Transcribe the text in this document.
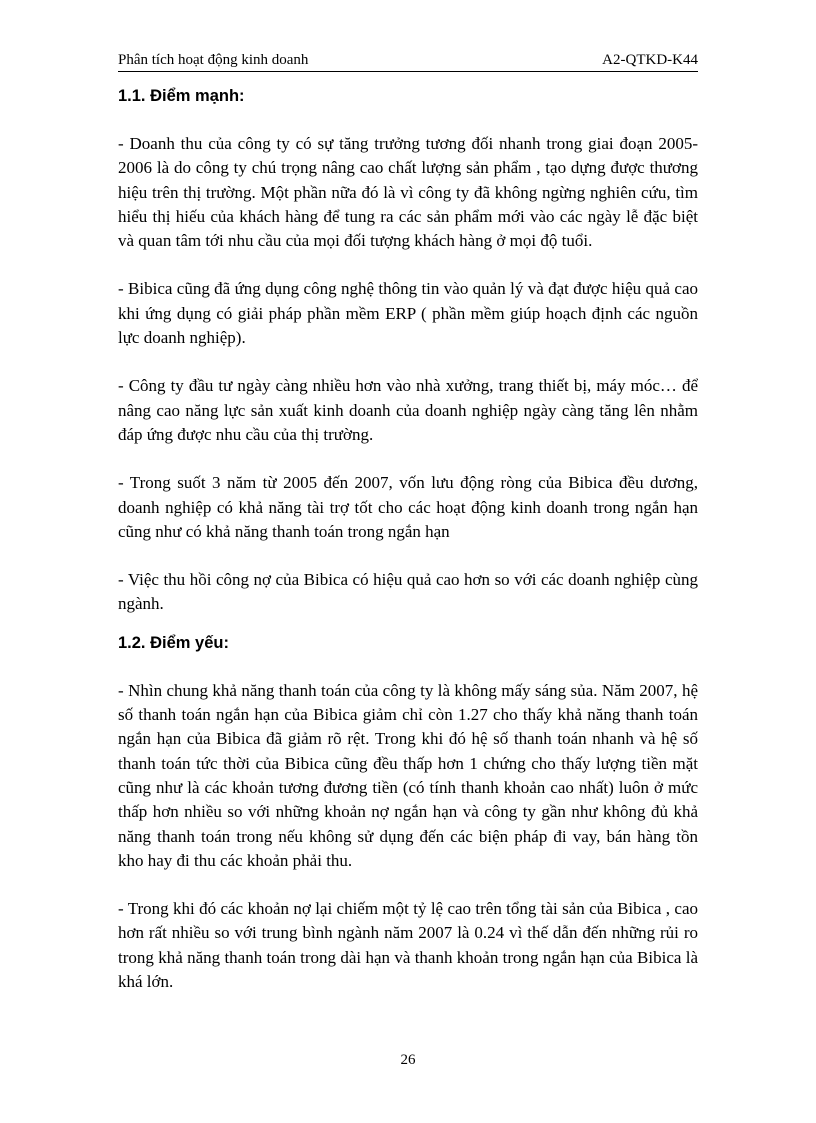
Phân tích hoạt động kinh doanh	A2-QTKD-K44
1.1. Điểm mạnh:

- Doanh thu của công ty có sự tăng trưởng tương đối nhanh trong giai đoạn 2005-2006 là do công ty chú trọng nâng cao chất lượng sản phẩm , tạo dựng được thương hiệu trên thị trường. Một phần nữa đó là vì công ty đã không ngừng nghiên cứu, tìm hiểu thị hiếu của khách hàng để tung ra các sản phẩm mới vào các ngày lễ đặc biệt và quan tâm tới nhu cầu của mọi đối tượng khách hàng ở mọi độ tuổi.

- Bibica cũng đã ứng dụng công nghệ thông tin vào quản lý và đạt được hiệu quả cao khi ứng dụng có giải pháp phần mềm ERP ( phần mềm giúp hoạch định các nguồn lực doanh nghiệp).

- Công ty đầu tư ngày càng nhiều hơn vào nhà xưởng, trang thiết bị, máy móc… để nâng cao năng lực sản xuất kinh doanh của doanh nghiệp ngày càng tăng lên nhằm đáp ứng được nhu cầu của thị trường.

- Trong suốt 3 năm từ 2005 đến 2007, vốn lưu động ròng của Bibica đều dương, doanh nghiệp có khả năng tài trợ tốt cho các hoạt động kinh doanh trong ngắn hạn cũng như có khả năng thanh toán trong ngắn hạn

- Việc thu hồi công nợ của Bibica có hiệu quả cao hơn so với các doanh nghiệp cùng ngành.

1.2. Điểm yếu:

- Nhìn chung khả năng thanh toán của công ty là không mấy sáng sủa. Năm 2007, hệ số thanh toán ngắn hạn của Bibica giảm chỉ còn 1.27 cho thấy khả năng thanh toán ngắn hạn của Bibica đã giảm rõ rệt. Trong khi đó hệ số thanh toán nhanh và hệ số thanh toán tức thời của Bibica cũng đều thấp hơn 1 chứng cho thấy lượng tiền mặt cũng như là các khoản tương đương tiền (có tính thanh khoản cao nhất) luôn ở mức thấp hơn nhiều so với những khoản nợ ngắn hạn và công ty gần như không đủ khả năng thanh toán trong nếu không sử dụng đến các biện pháp đi vay, bán hàng tồn kho hay đi thu các khoản phải thu.

- Trong khi đó các khoản nợ lại chiếm một tỷ lệ cao trên tổng tài sản của Bibica , cao hơn rất nhiều so với trung bình ngành năm 2007 là 0.24 vì thế dẫn đến những rủi ro trong khả năng thanh toán trong dài hạn và thanh khoản trong ngắn hạn của Bibica là khá lớn.

26
